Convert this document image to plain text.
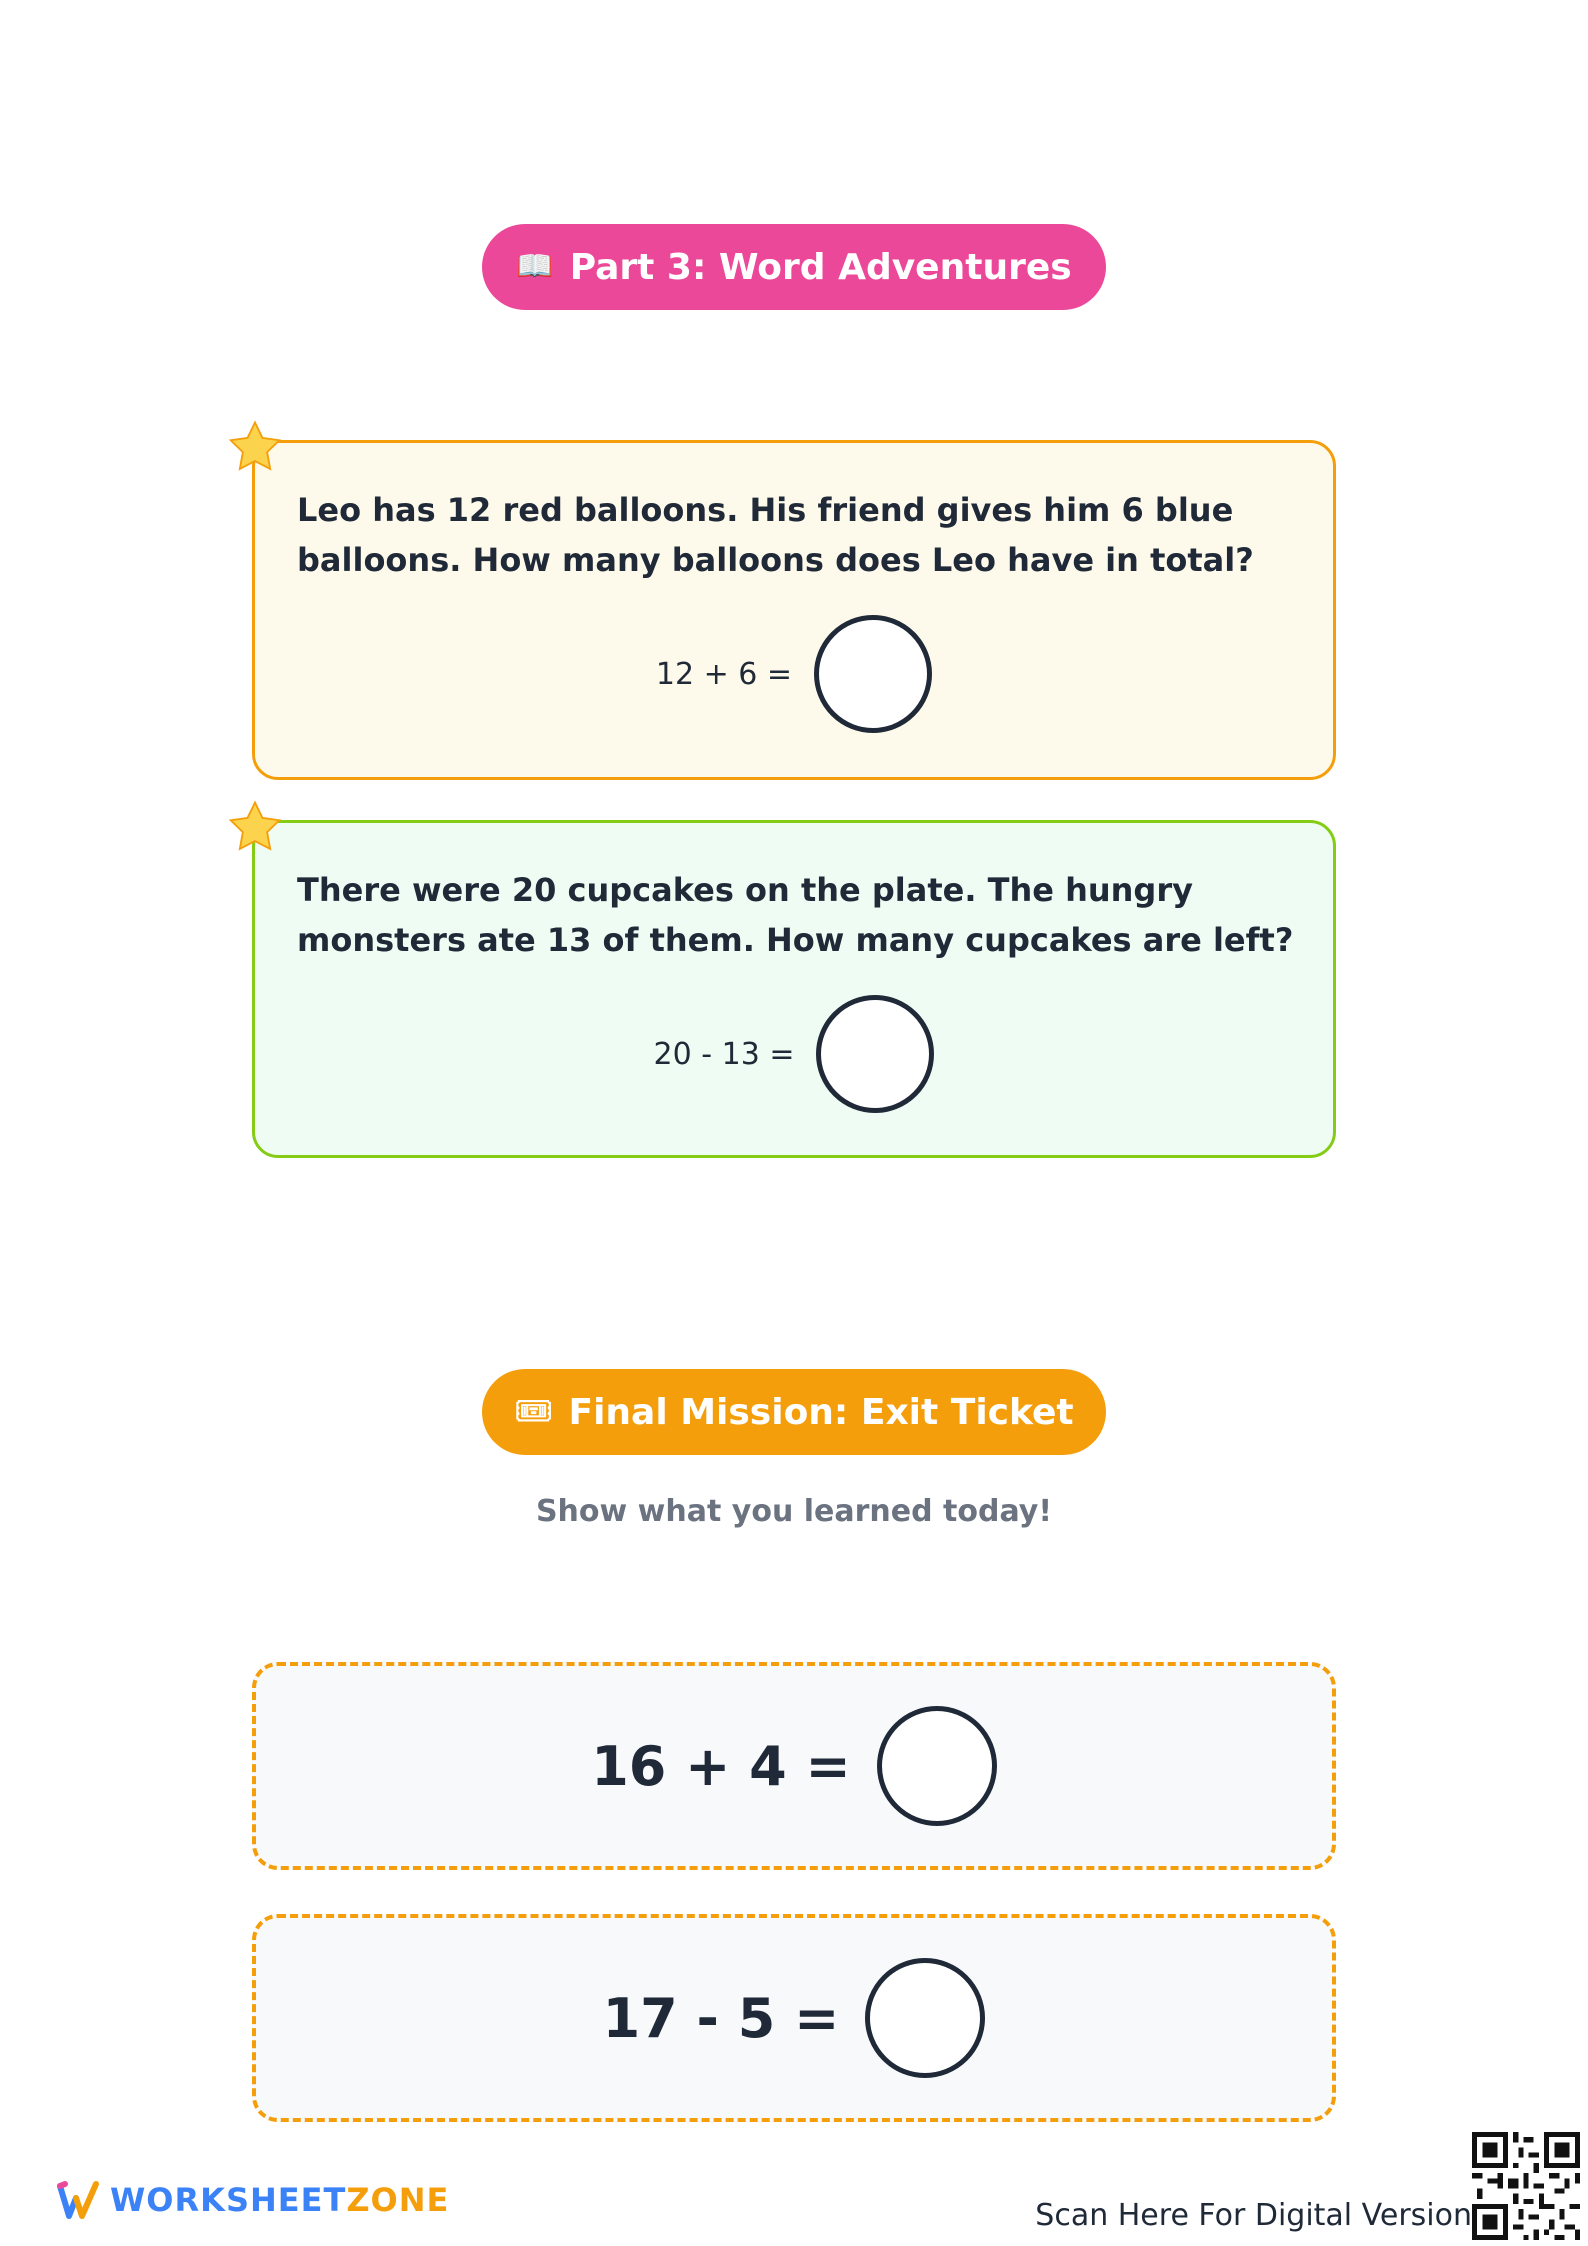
📖 Part 3: Word Adventures
Leo has 12 red balloons. His friend gives him 6 blue balloons. How many balloons does Leo have in total?
12 + 6 =
There were 20 cupcakes on the plate. The hungry monsters ate 13 of them. How many cupcakes are left?
20 - 13 =
🎟 Final Mission: Exit Ticket
Show what you learned today!
16 + 4 =
17 - 5 =
WORKSHEETZONE	Scan Here For Digital Version
